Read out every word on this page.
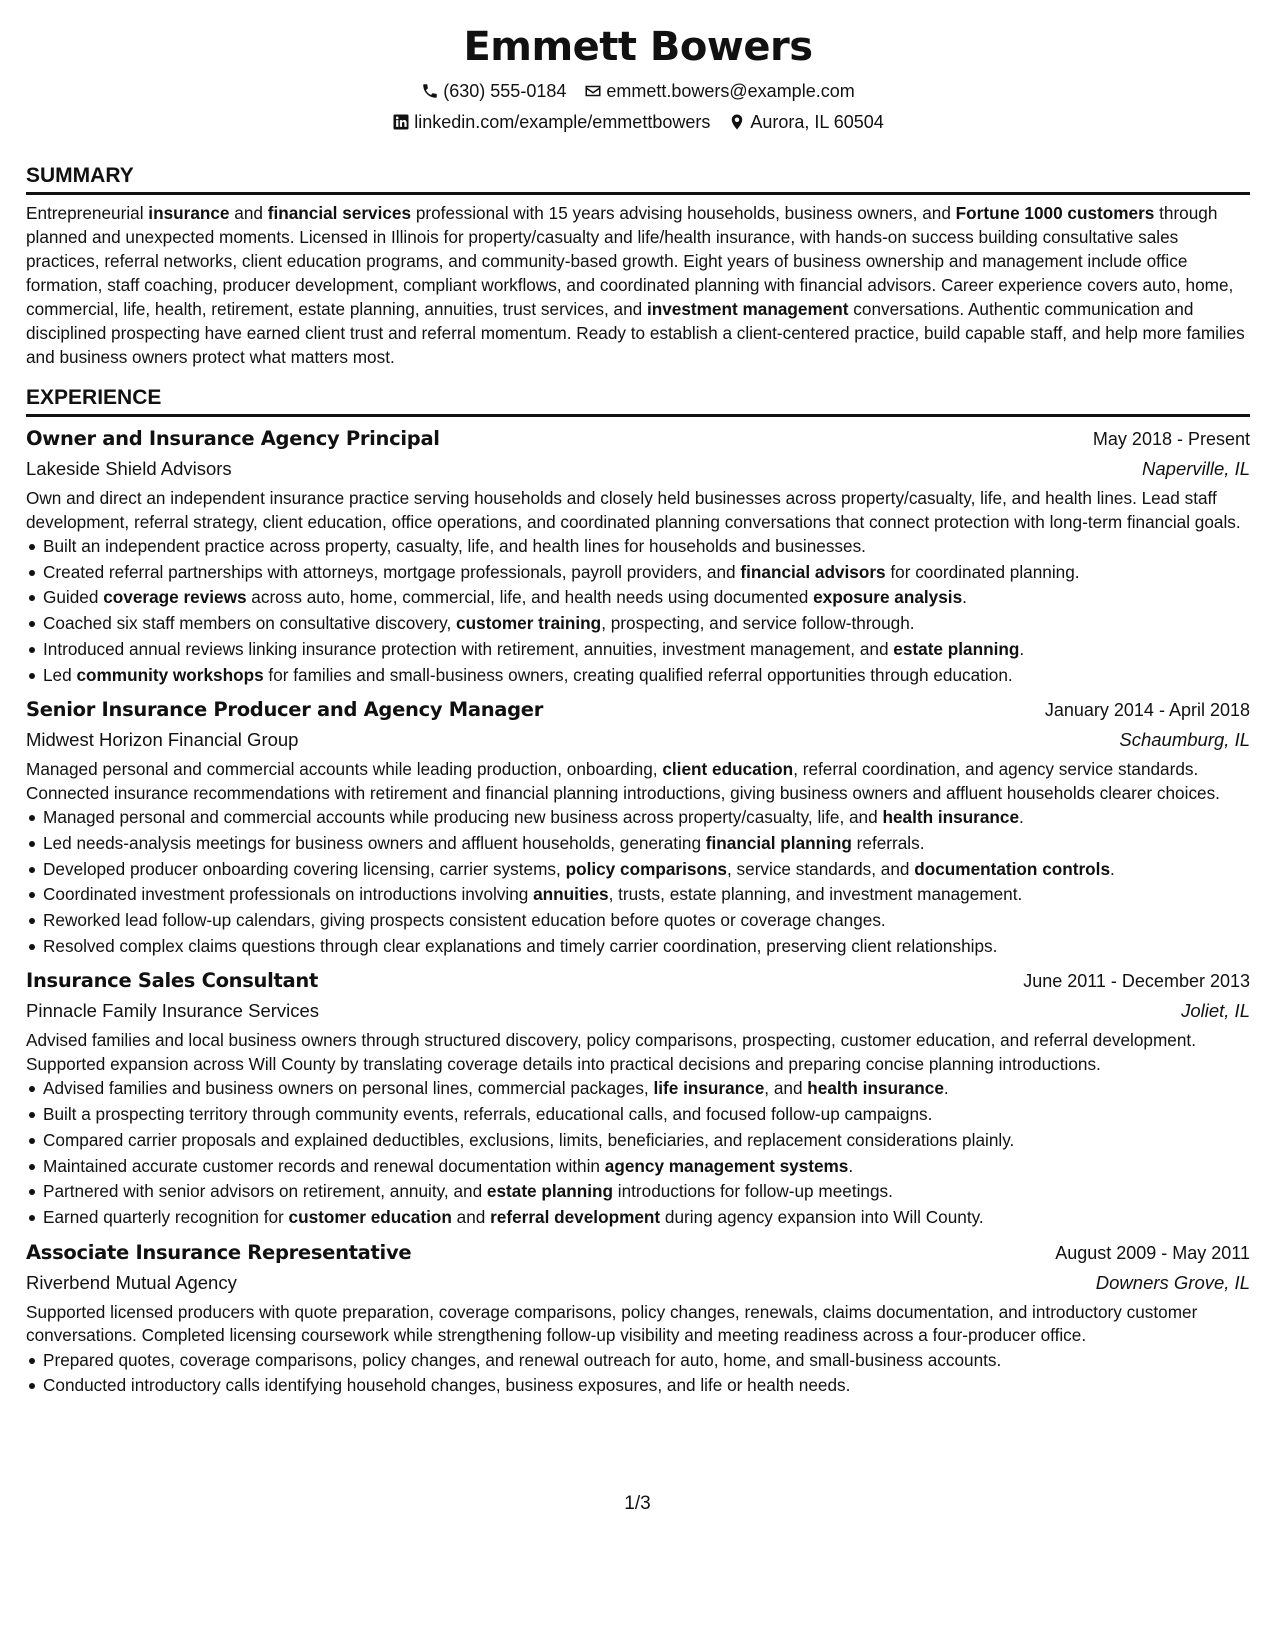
Emmett Bowers
(630) 555-0184 emmett.bowers@example.com
linkedin.com/example/emmettbowers Aurora, IL 60504
SUMMARY
Entrepreneurial insurance and financial services professional with 15 years advising households, business owners, and Fortune 1000 customers through planned and unexpected moments. Licensed in Illinois for property/casualty and life/health insurance, with hands-on success building consultative sales practices, referral networks, client education programs, and community-based growth. Eight years of business ownership and management include office formation, staff coaching, producer development, compliant workflows, and coordinated planning with financial advisors. Career experience covers auto, home, commercial, life, health, retirement, estate planning, annuities, trust services, and investment management conversations. Authentic communication and disciplined prospecting have earned client trust and referral momentum. Ready to establish a client-centered practice, build capable staff, and help more families and business owners protect what matters most.
EXPERIENCE
Owner and Insurance Agency Principal	May 2018 - Present
Lakeside Shield Advisors	Naperville, IL
Own and direct an independent insurance practice serving households and closely held businesses across property/casualty, life, and health lines. Lead staff development, referral strategy, client education, office operations, and coordinated planning conversations that connect protection with long-term financial goals.
Built an independent practice across property, casualty, life, and health lines for households and businesses.
Created referral partnerships with attorneys, mortgage professionals, payroll providers, and financial advisors for coordinated planning.
Guided coverage reviews across auto, home, commercial, life, and health needs using documented exposure analysis.
Coached six staff members on consultative discovery, customer training, prospecting, and service follow-through.
Introduced annual reviews linking insurance protection with retirement, annuities, investment management, and estate planning.
Led community workshops for families and small-business owners, creating qualified referral opportunities through education.
Senior Insurance Producer and Agency Manager	January 2014 - April 2018
Midwest Horizon Financial Group	Schaumburg, IL
Managed personal and commercial accounts while leading production, onboarding, client education, referral coordination, and agency service standards. Connected insurance recommendations with retirement and financial planning introductions, giving business owners and affluent households clearer choices.
Managed personal and commercial accounts while producing new business across property/casualty, life, and health insurance.
Led needs-analysis meetings for business owners and affluent households, generating financial planning referrals.
Developed producer onboarding covering licensing, carrier systems, policy comparisons, service standards, and documentation controls.
Coordinated investment professionals on introductions involving annuities, trusts, estate planning, and investment management.
Reworked lead follow-up calendars, giving prospects consistent education before quotes or coverage changes.
Resolved complex claims questions through clear explanations and timely carrier coordination, preserving client relationships.
Insurance Sales Consultant	June 2011 - December 2013
Pinnacle Family Insurance Services	Joliet, IL
Advised families and local business owners through structured discovery, policy comparisons, prospecting, customer education, and referral development. Supported expansion across Will County by translating coverage details into practical decisions and preparing concise planning introductions.
Advised families and business owners on personal lines, commercial packages, life insurance, and health insurance.
Built a prospecting territory through community events, referrals, educational calls, and focused follow-up campaigns.
Compared carrier proposals and explained deductibles, exclusions, limits, beneficiaries, and replacement considerations plainly.
Maintained accurate customer records and renewal documentation within agency management systems.
Partnered with senior advisors on retirement, annuity, and estate planning introductions for follow-up meetings.
Earned quarterly recognition for customer education and referral development during agency expansion into Will County.
Associate Insurance Representative	August 2009 - May 2011
Riverbend Mutual Agency	Downers Grove, IL
Supported licensed producers with quote preparation, coverage comparisons, policy changes, renewals, claims documentation, and introductory customer conversations. Completed licensing coursework while strengthening follow-up visibility and meeting readiness across a four-producer office.
Prepared quotes, coverage comparisons, policy changes, and renewal outreach for auto, home, and small-business accounts.
Conducted introductory calls identifying household changes, business exposures, and life or health needs.
1/3
